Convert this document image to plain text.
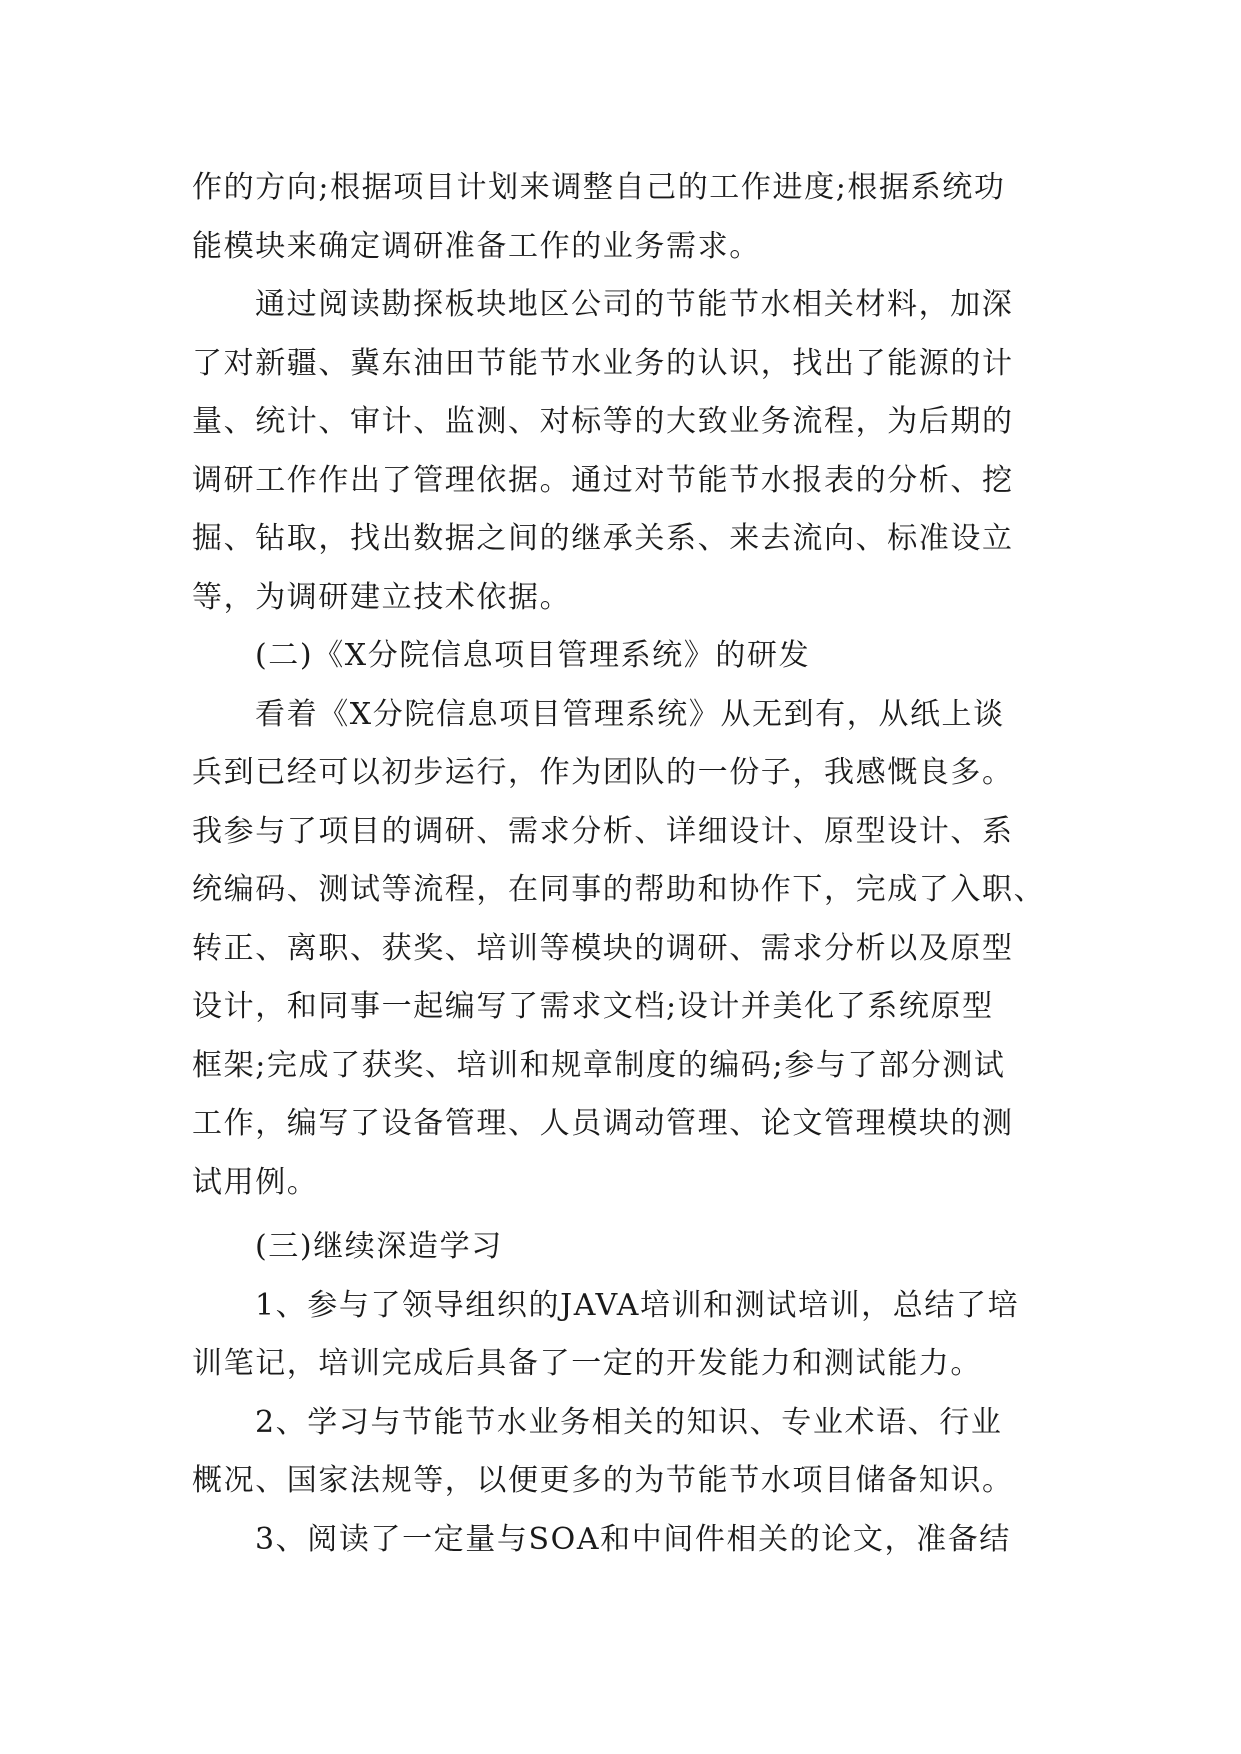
作的方向;根据项目计划来调整自己的工作进度;根据系统功
能模块来确定调研准备工作的业务需求。
通过阅读勘探板块地区公司的节能节水相关材料，加深
了对新疆、冀东油田节能节水业务的认识，找出了能源的计
量、统计、审计、监测、对标等的大致业务流程，为后期的
调研工作作出了管理依据。通过对节能节水报表的分析、挖
掘、钻取，找出数据之间的继承关系、来去流向、标准设立
等，为调研建立技术依据。
(二)《X分院信息项目管理系统》的研发
看着《X分院信息项目管理系统》从无到有，从纸上谈
兵到已经可以初步运行，作为团队的一份子，我感慨良多。
我参与了项目的调研、需求分析、详细设计、原型设计、系
统编码、测试等流程，在同事的帮助和协作下，完成了入职、
转正、离职、获奖、培训等模块的调研、需求分析以及原型
设计，和同事一起编写了需求文档;设计并美化了系统原型
框架;完成了获奖、培训和规章制度的编码;参与了部分测试
工作，编写了设备管理、人员调动管理、论文管理模块的测
试用例。
(三)继续深造学习
1、参与了领导组织的JAVA培训和测试培训，总结了培
训笔记，培训完成后具备了一定的开发能力和测试能力。
2、学习与节能节水业务相关的知识、专业术语、行业
概况、国家法规等，以便更多的为节能节水项目储备知识。
3、阅读了一定量与SOA和中间件相关的论文，准备结
